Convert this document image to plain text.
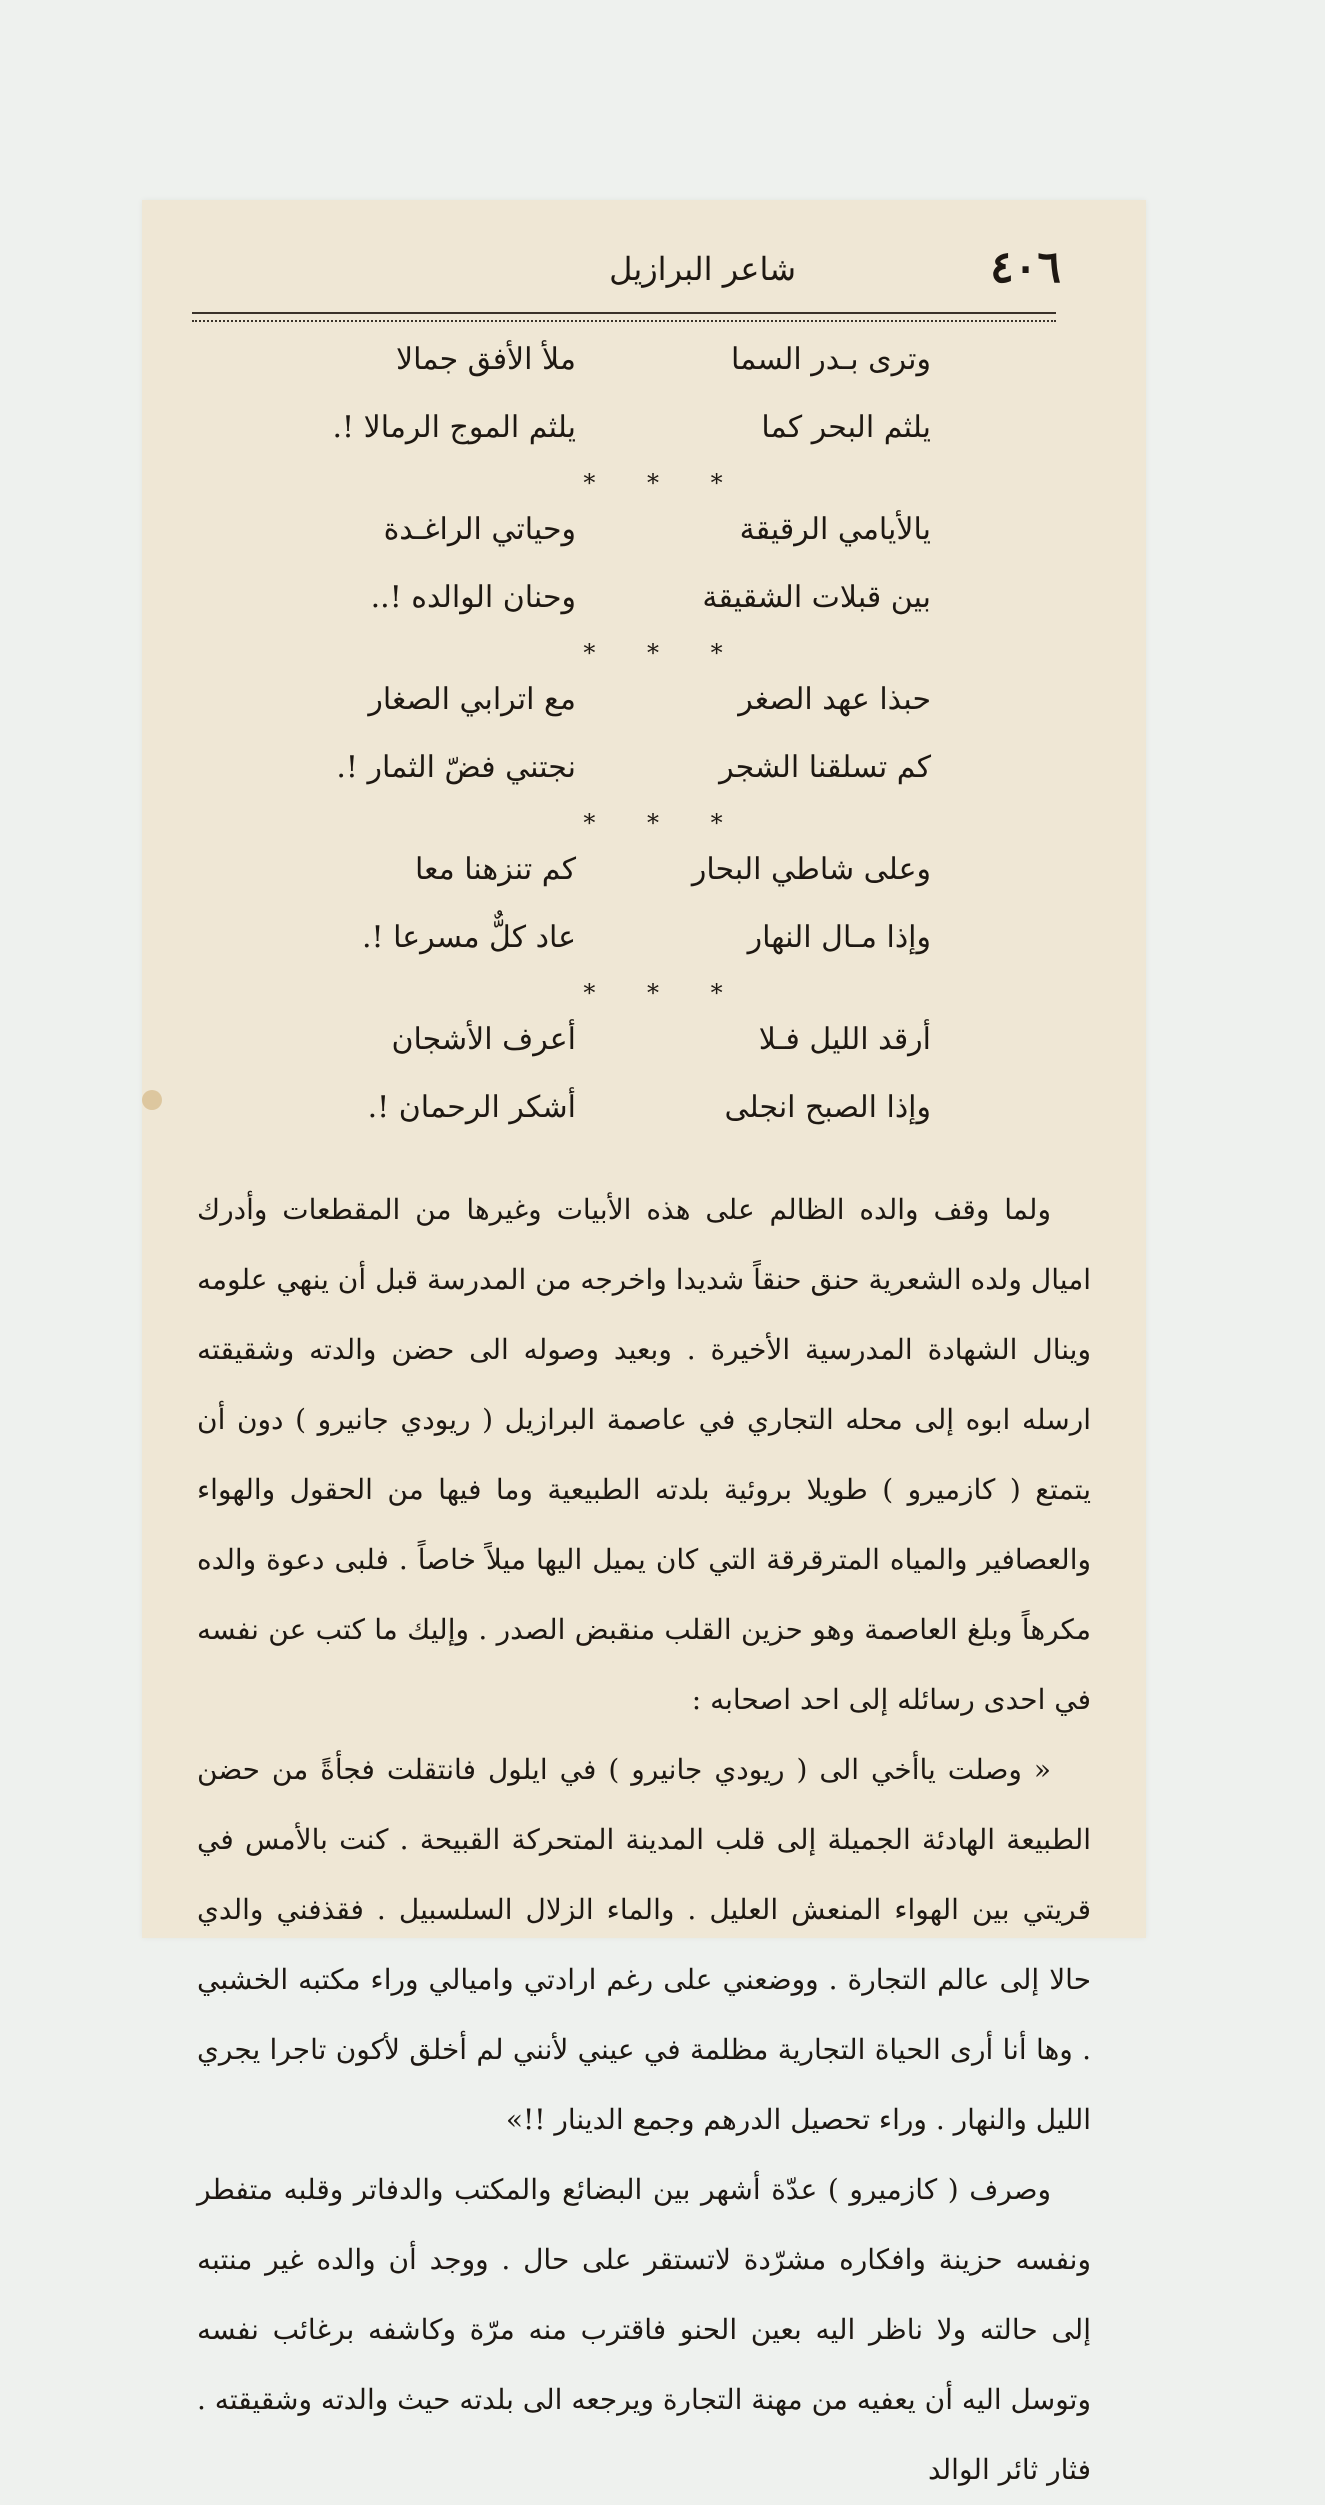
٤٠٦
شاعر البرازيل
وترى بـدر السما
ملأ الأفق جمالا
يلثم البحر كما
يلثم الموج الرمالا !.
* * *
يالأيامي الرقيقة
وحياتي الراغـدة
بين قبلات الشقيقة
وحنان الوالده !..
* * *
حبذا عهد الصغر
مع اترابي الصغار
كم تسلقنا الشجر
نجتني فضّ الثمار !.
* * *
وعلى شاطي البحار
كم تنزهنا معا
وإذا مـال النهار
عاد كلٌّ مسرعا !.
* * *
أرقد الليل فـلا
أعرف الأشجان
وإذا الصبح انجلى
أشكر الرحمان !.

ولما وقف والده الظالم على هذه الأبيات وغيرها من المقطعات وأدرك اميال ولده الشعرية حنق حنقاً شديدا واخرجه من المدرسة قبل أن ينهي علومه وينال الشهادة المدرسية الأخيرة . وبعيد وصوله الى حضن والدته وشقيقته ارسله ابوه إلى محله التجاري في عاصمة البرازيل ( ريودي جانيرو ) دون أن يتمتع ( كازميرو ) طويلا بروئية بلدته الطبيعية وما فيها من الحقول والهواء والعصافير والمياه المترقرقة التي كان يميل اليها ميلاً خاصاً . فلبى دعوة والده مكرهاً وبلغ العاصمة وهو حزين القلب منقبض الصدر . وإليك ما كتب عن نفسه في احدى رسائله إلى احد اصحابه :

« وصلت ياأخي الى ( ريودي جانيرو ) في ايلول فانتقلت فجأةً من حضن الطبيعة الهادئة الجميلة إلى قلب المدينة المتحركة القبيحة . كنت بالأمس في قريتي بين الهواء المنعش العليل . والماء الزلال السلسبيل . فقذفني والدي حالا إلى عالم التجارة . ووضعني على رغم ارادتي واميالي وراء مكتبه الخشبي . وها أنا أرى الحياة التجارية مظلمة في عيني لأنني لم أخلق لأكون تاجرا يجري الليل والنهار . وراء تحصيل الدرهم وجمع الدينار !!»

وصرف ( كازميرو ) عدّة أشهر بين البضائع والمكتب والدفاتر وقلبه متفطر ونفسه حزينة وافكاره مشرّدة لاتستقر على حال . ووجد أن والده غير منتبه إلى حالته ولا ناظر اليه بعين الحنو فاقترب منه مرّة وكاشفه برغائب نفسه وتوسل اليه أن يعفيه من مهنة التجارة ويرجعه الى بلدته حيث والدته وشقيقته . فثار ثائر الوالد
